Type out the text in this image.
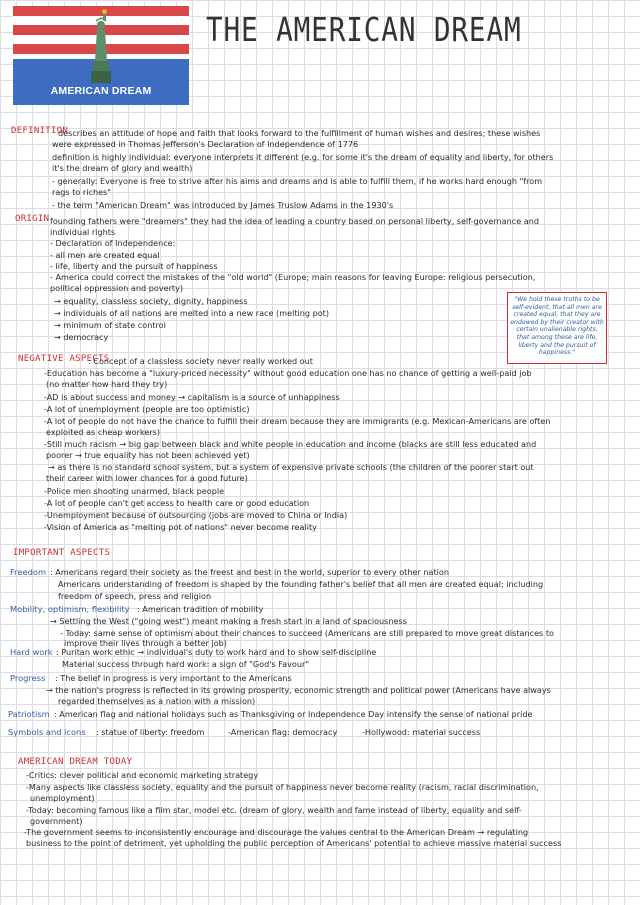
AMERICAN DREAM
THE AMERICAN DREAM
DEFINITION
describes an attitude of hope and faith that looks forward to the fulfillment of human wishes and desires; these wishes
were expressed in Thomas Jefferson's Declaration of Independence of 1776
definition is highly individual: everyone interprets it different (e.g. for some it's the dream of equality and liberty, for others
it's the dream of glory and wealth)
- generally: Everyone is free to strive after his aims and dreams and is able to fulfill them, if he works hard enough "from
rags to riches"
- the term "American Dream" was introduced by James Truslow Adams in the 1930's
ORIGIN founding fathers were "dreamers" they had the idea of leading a country based on personal liberty, self-governance and
individual rights
- Declaration of Independence:
- all men are created equal
- life, liberty and the pursuit of happiness
- America could correct the mistakes of the "old world" (Europe; main reasons for leaving Europe: religious persecution,
political oppression and poverty)
→ equality, classless society, dignity, happiness
→ individuals of all nations are melted into a new race (melting pot)
→ minimum of state control
→ democracy
"We hold these truths to be self-evident, that all men are created equal, that they are endowed by their creator with certain unalienable rights, that among these are life, liberty and the pursuit of happiness."
NEGATIVE ASPECTS
: Concept of a classless society never really worked out
-Education has become a "luxury-priced necessity" without good education one has no chance of getting a well-paid job
(no matter how hard they try)
-AD is about success and money → capitalism is a source of unhappiness
-A lot of unemployment (people are too optimistic)
-A lot of people do not have the chance to fulfill their dream because they are immigrants (e.g. Mexican-Americans are often
exploited as cheap workers)
-Still much racism → big gap between black and white people in education and income (blacks are still less educated and
poorer → true equality has not been achieved yet)
→ as there is no standard school system, but a system of expensive private schools (the children of the poorer start out
their career with lower chances for a good future)
-Police men shooting unarmed, black people
-A lot of people can't get access to health care or good education
-Unemployment because of outsourcing (jobs are moved to China or India)
-Vision of America as "melting pot of nations" never become reality
IMPORTANT ASPECTS
Freedom : Americans regard their society as the freest and best in the world, superior to every other nation
Americans understanding of freedom is shaped by the founding father's belief that all men are created equal; including
freedom of speech, press and religion
Mobility, optimism, flexibility : American tradition of mobility
→ Settling the West ("going west") meant making a fresh start in a land of spaciousness
- Today: same sense of optimism about their chances to succeed (Americans are still prepared to move great distances to
improve their lives through a better job)
Hard work : Puritan work ethic → individual's duty to work hard and to show self-discipline
Material success through hard work: a sign of "God's Favour"
Progress : The belief in progress is very important to the Americans
→ the nation's progress is reflected in its growing prosperity, economic strength and political power (Americans have always
regarded themselves as a nation with a mission)
Patriotism : American flag and national holidays such as Thanksgiving or Independence Day intensify the sense of national pride
Symbols and icons : statue of liberty: freedom	-American flag: democracy	-Hollywood: material success
AMERICAN DREAM TODAY
-Critics: clever political and economic marketing strategy
-Many aspects like classless society, equality and the pursuit of happiness never become reality (racism, racial discrimination,
unemployment)
-Today: becoming famous like a film star, model etc. (dream of glory, wealth and fame instead of liberty, equality and self-
government)
-The government seems to inconsistently encourage and discourage the values central to the American Dream → regulating
business to the point of detriment, yet upholding the public perception of Americans' potential to achieve massive material success
